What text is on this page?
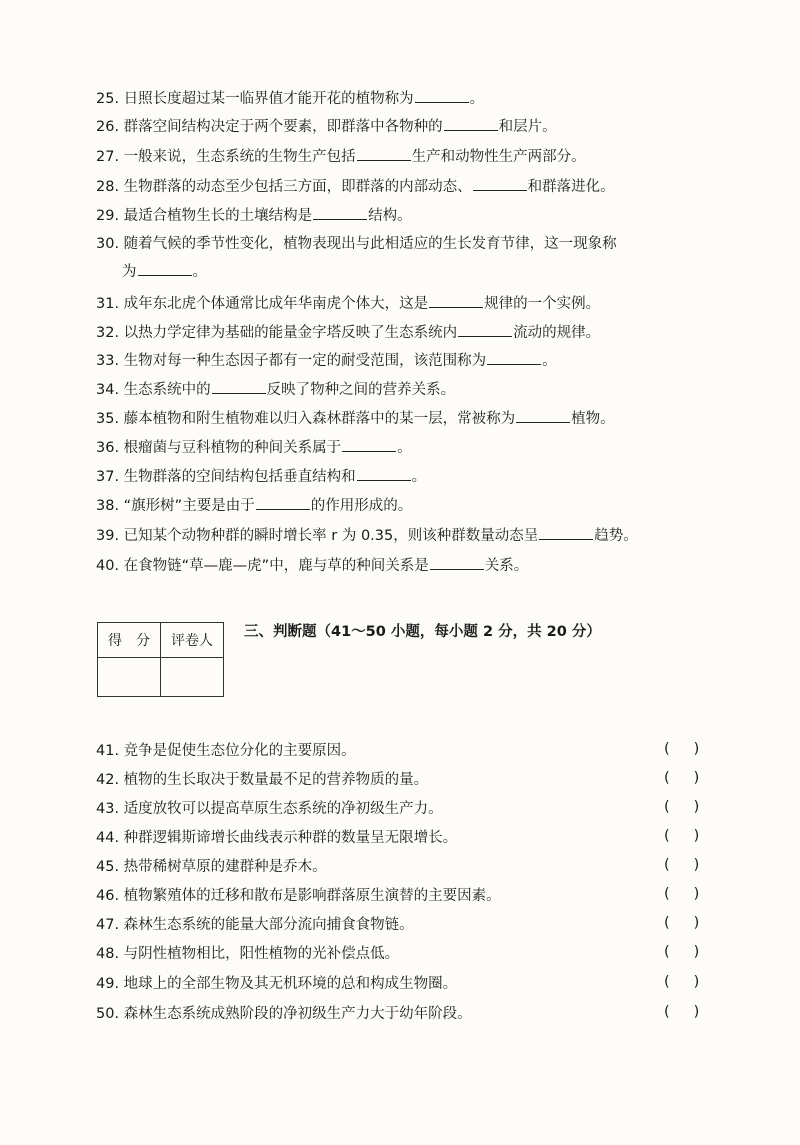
25. 日照长度超过某一临界值才能开花的植物称为	。
26. 群落空间结构决定于两个要素，即群落中各物种的	和层片。
27. 一般来说，生态系统的生物生产包括	生产和动物性生产两部分。
28. 生物群落的动态至少包括三方面，即群落的内部动态、	和群落进化。
29. 最适合植物生长的土壤结构是	结构。
30. 随着气候的季节性变化，植物表现出与此相适应的生长发育节律，这一现象称
为	。
31. 成年东北虎个体通常比成年华南虎个体大，这是	规律的一个实例。
32. 以热力学定律为基础的能量金字塔反映了生态系统内	流动的规律。
33. 生物对每一种生态因子都有一定的耐受范围，该范围称为	。
34. 生态系统中的	反映了物种之间的营养关系。
35. 藤本植物和附生植物难以归入森林群落中的某一层，常被称为	植物。
36. 根瘤菌与豆科植物的种间关系属于	。
37. 生物群落的空间结构包括垂直结构和	。
38. “旗形树”主要是由于	的作用形成的。
39. 已知某个动物种群的瞬时增长率 r 为 0.35，则该种群数量动态呈	趋势。
40. 在食物链“草—鹿—虎”中，鹿与草的种间关系是	关系。
得　分	评卷人

三、判断题（41～50 小题，每小题 2 分，共 20 分）
41. 竞争是促使生态位分化的主要原因。	()
42. 植物的生长取决于数量最不足的营养物质的量。	()
43. 适度放牧可以提高草原生态系统的净初级生产力。	()
44. 种群逻辑斯谛增长曲线表示种群的数量呈无限增长。	()
45. 热带稀树草原的建群种是乔木。	()
46. 植物繁殖体的迁移和散布是影响群落原生演替的主要因素。	()
47. 森林生态系统的能量大部分流向捕食食物链。	()
48. 与阴性植物相比，阳性植物的光补偿点低。	()
49. 地球上的全部生物及其无机环境的总和构成生物圈。	()
50. 森林生态系统成熟阶段的净初级生产力大于幼年阶段。	()
